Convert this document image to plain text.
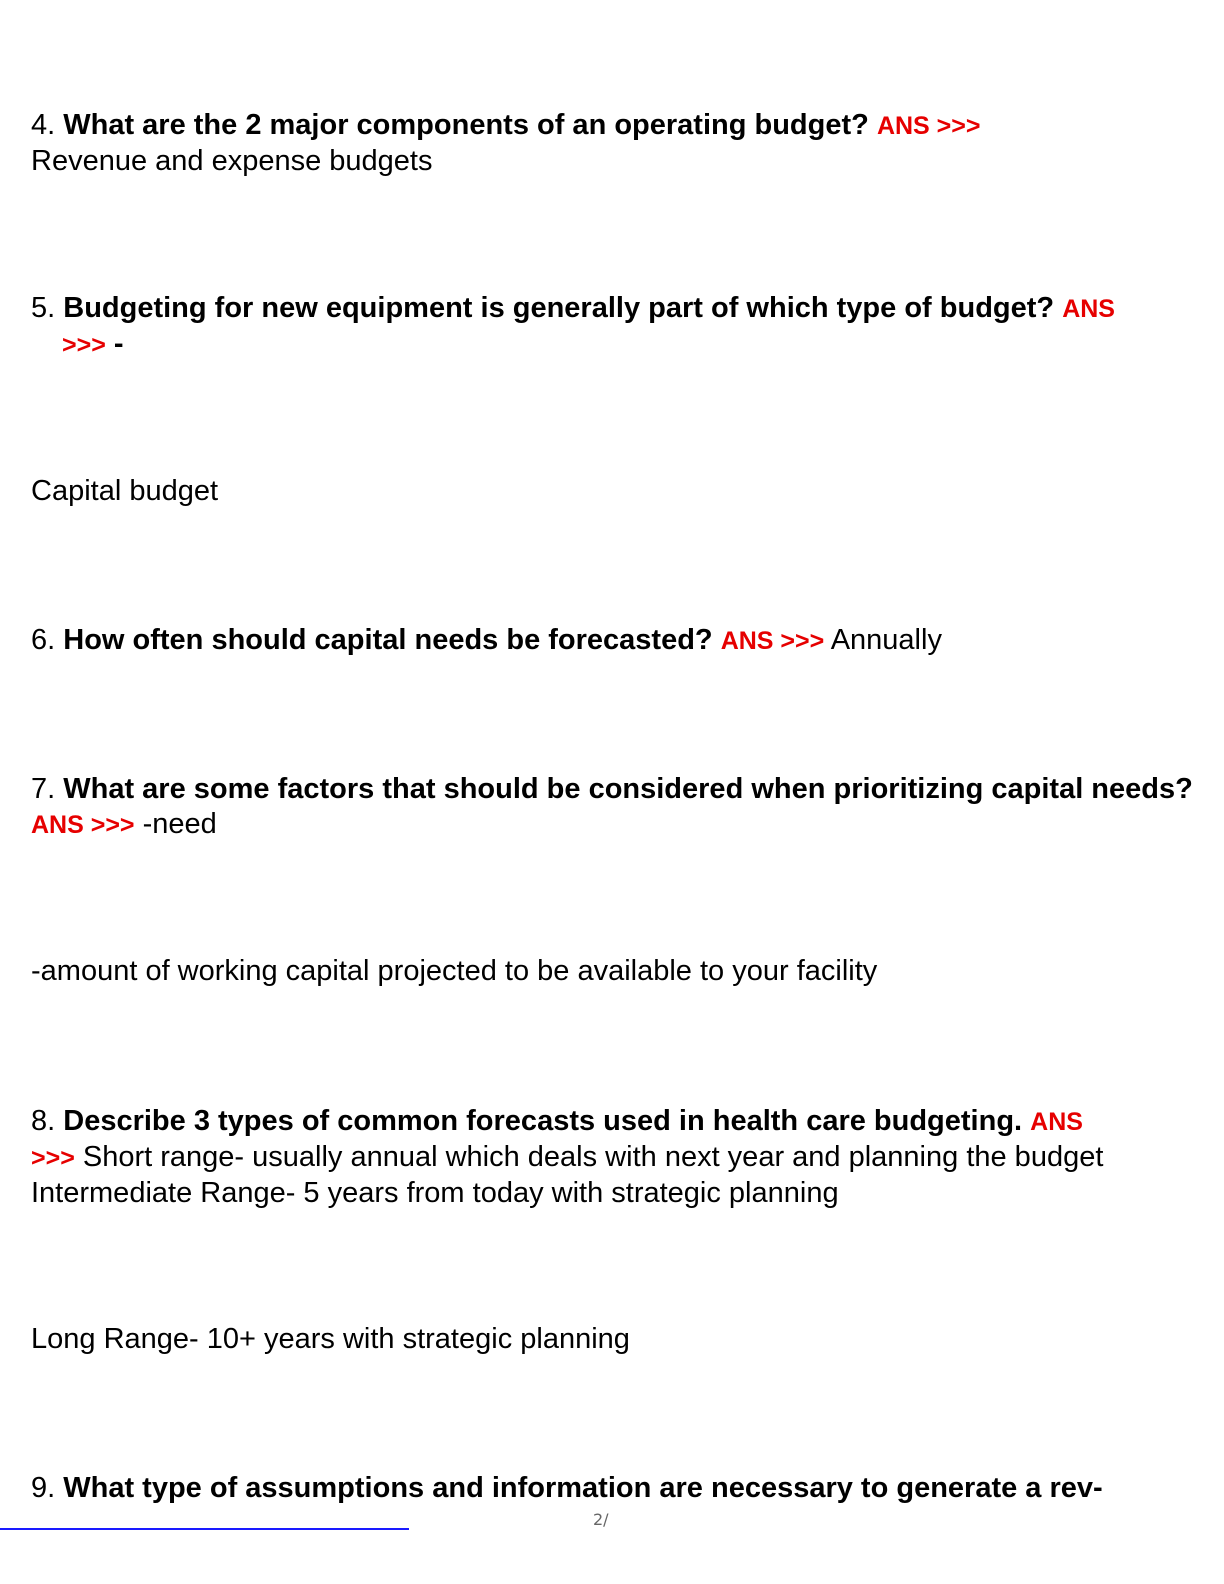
4. What are the 2 major components of an operating budget? ANS >>>
Revenue and expense budgets
5. Budgeting for new equipment is generally part of which type of budget? ANS
>>> -
Capital budget
6. How often should capital needs be forecasted? ANS >>> Annually
7. What are some factors that should be considered when prioritizing capital needs? ANS >>> -need
-amount of working capital projected to be available to your facility
8. Describe 3 types of common forecasts used in health care budgeting. ANS
>>> Short range- usually annual which deals with next year and planning the budget Intermediate Range- 5 years from today with strategic planning
Long Range- 10+ years with strategic planning
9. What type of assumptions and information are necessary to generate a rev-
2/
